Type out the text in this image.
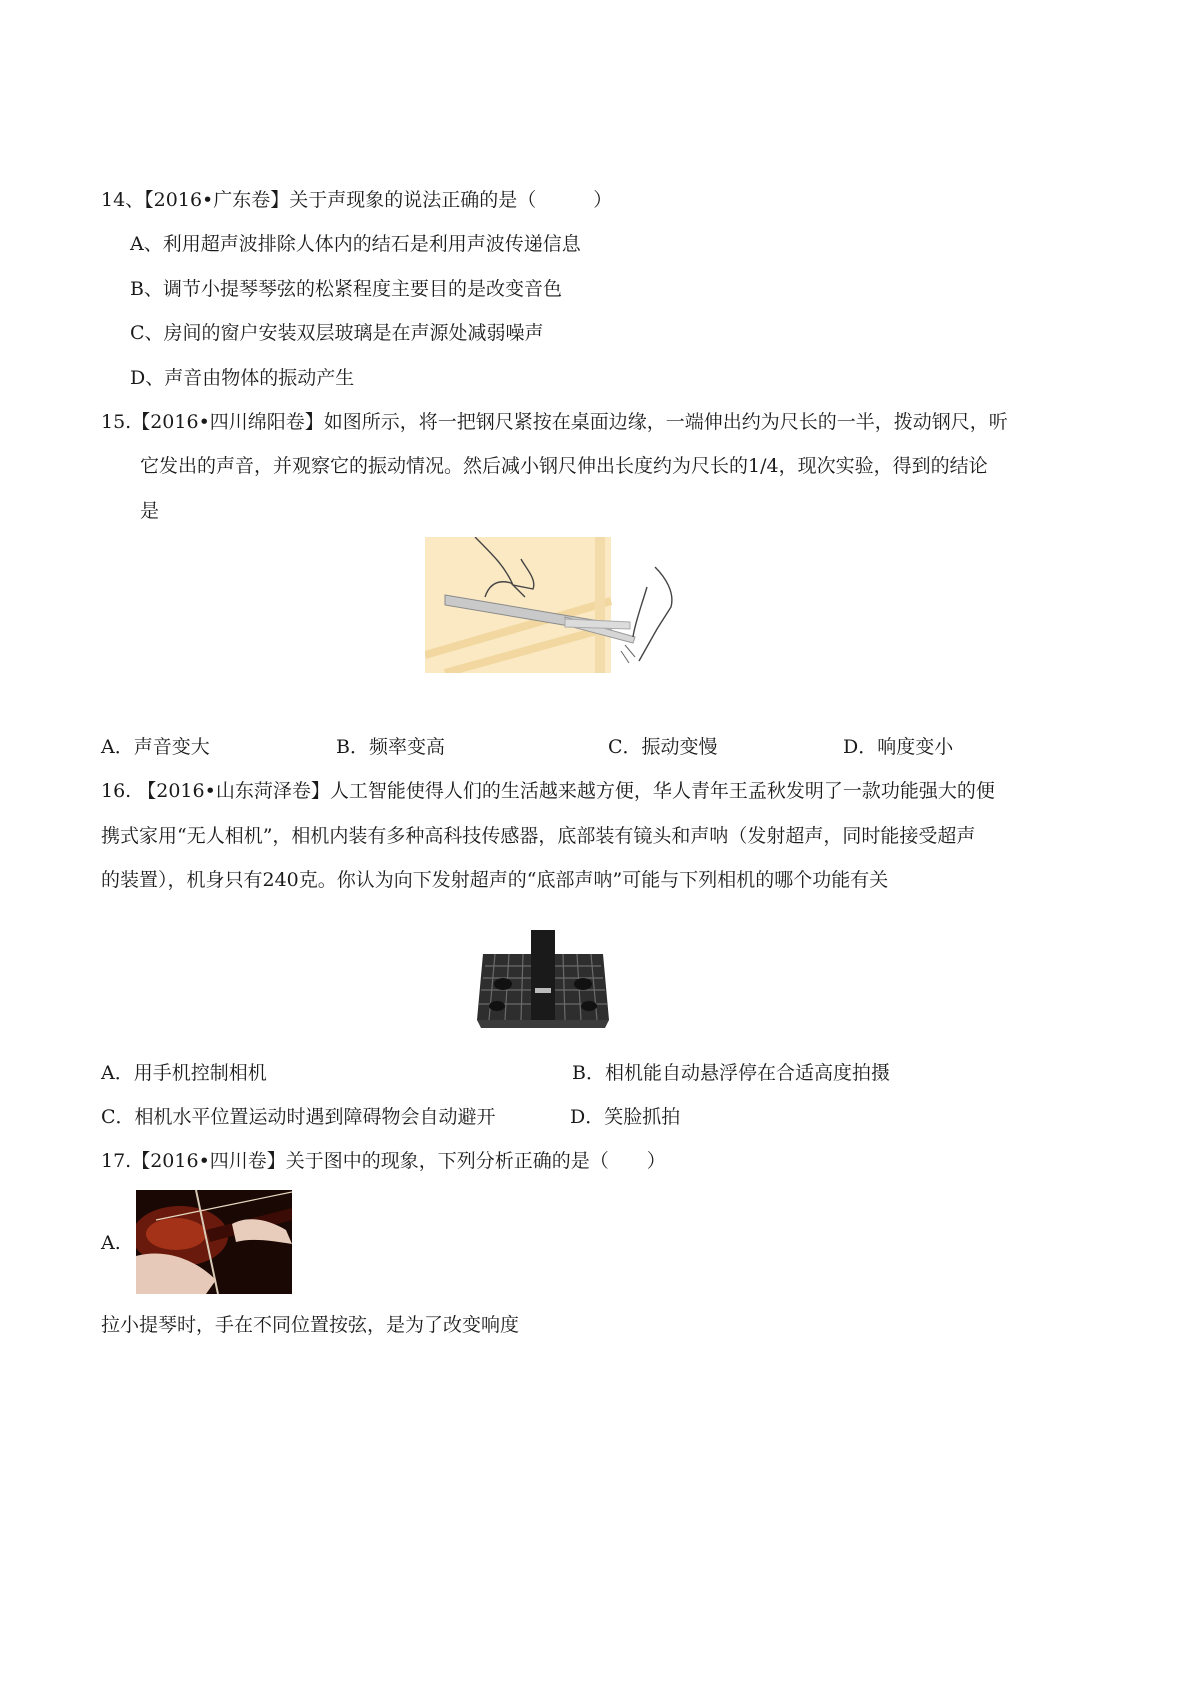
14、【2016•广东卷】关于声现象的说法正确的是（　　　）
A、利用超声波排除人体内的结石是利用声波传递信息
B、调节小提琴琴弦的松紧程度主要目的是改变音色
C、房间的窗户安装双层玻璃是在声源处减弱噪声
D、声音由物体的振动产生
15.【2016•四川绵阳卷】如图所示，将一把钢尺紧按在桌面边缘，一端伸出约为尺长的一半，拨动钢尺，听
它发出的声音，并观察它的振动情况。然后减小钢尺伸出长度约为尺长的1/4，现次实验，得到的结论
是
A．声音变大	B．频率变高	C．振动变慢	D．响度变小
16. 【2016•山东菏泽卷】人工智能使得人们的生活越来越方便，华人青年王孟秋发明了一款功能强大的便
携式家用“无人相机”，相机内装有多种高科技传感器，底部装有镜头和声呐（发射超声，同时能接受超声
的装置），机身只有240克。你认为向下发射超声的“底部声呐”可能与下列相机的哪个功能有关
A．用手机控制相机	B．相机能自动悬浮停在合适高度拍摄
C．相机水平位置运动时遇到障碍物会自动避开	D．笑脸抓拍
17.【2016•四川卷】关于图中的现象，下列分析正确的是（　　）
A.
拉小提琴时，手在不同位置按弦，是为了改变响度
